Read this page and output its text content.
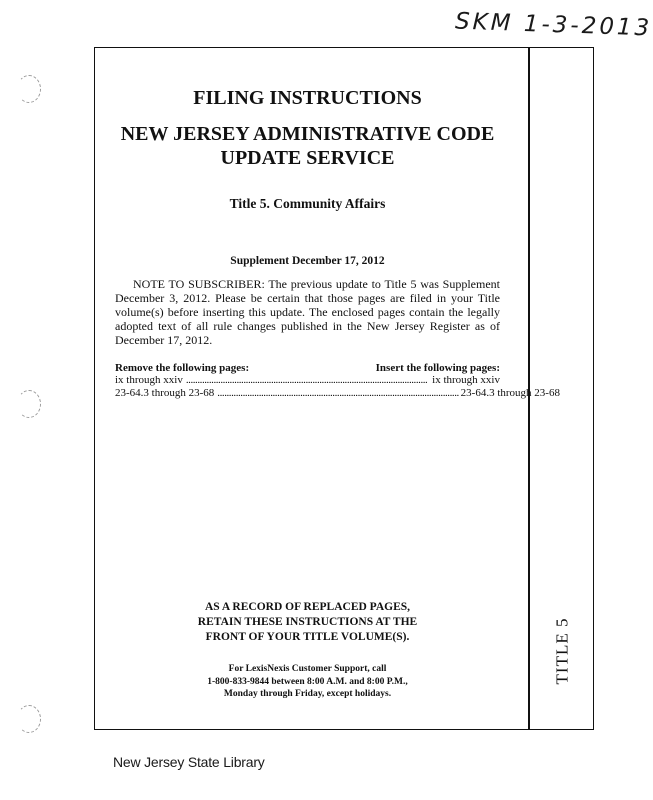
SKM 1-3-2013
TITLE 5
FILING INSTRUCTIONS
NEW JERSEY ADMINISTRATIVE CODE
UPDATE SERVICE

Title 5. Community Affairs

Supplement December 17, 2012

NOTE TO SUBSCRIBER: The previous update to Title 5 was Supplement December 3, 2012. Please be certain that those pages are filed in your Title volume(s) before inserting this update. The enclosed pages contain the legally adopted text of all rule changes published in the New Jersey Register as of December 17, 2012.

Remove the following pages:	Insert the following pages:
ix through xxiv . . .	ix through xxiv
23-64.3 through 23-68 . . .	23-64.3 through 23-68

AS A RECORD OF REPLACED PAGES,

RETAIN THESE INSTRUCTIONS AT THE

FRONT OF YOUR TITLE VOLUME(S).

For LexisNexis Customer Support, call

1-800-833-9844 between 8:00 A.M. and 8:00 P.M.,

Monday through Friday, except holidays.

New Jersey State Library
